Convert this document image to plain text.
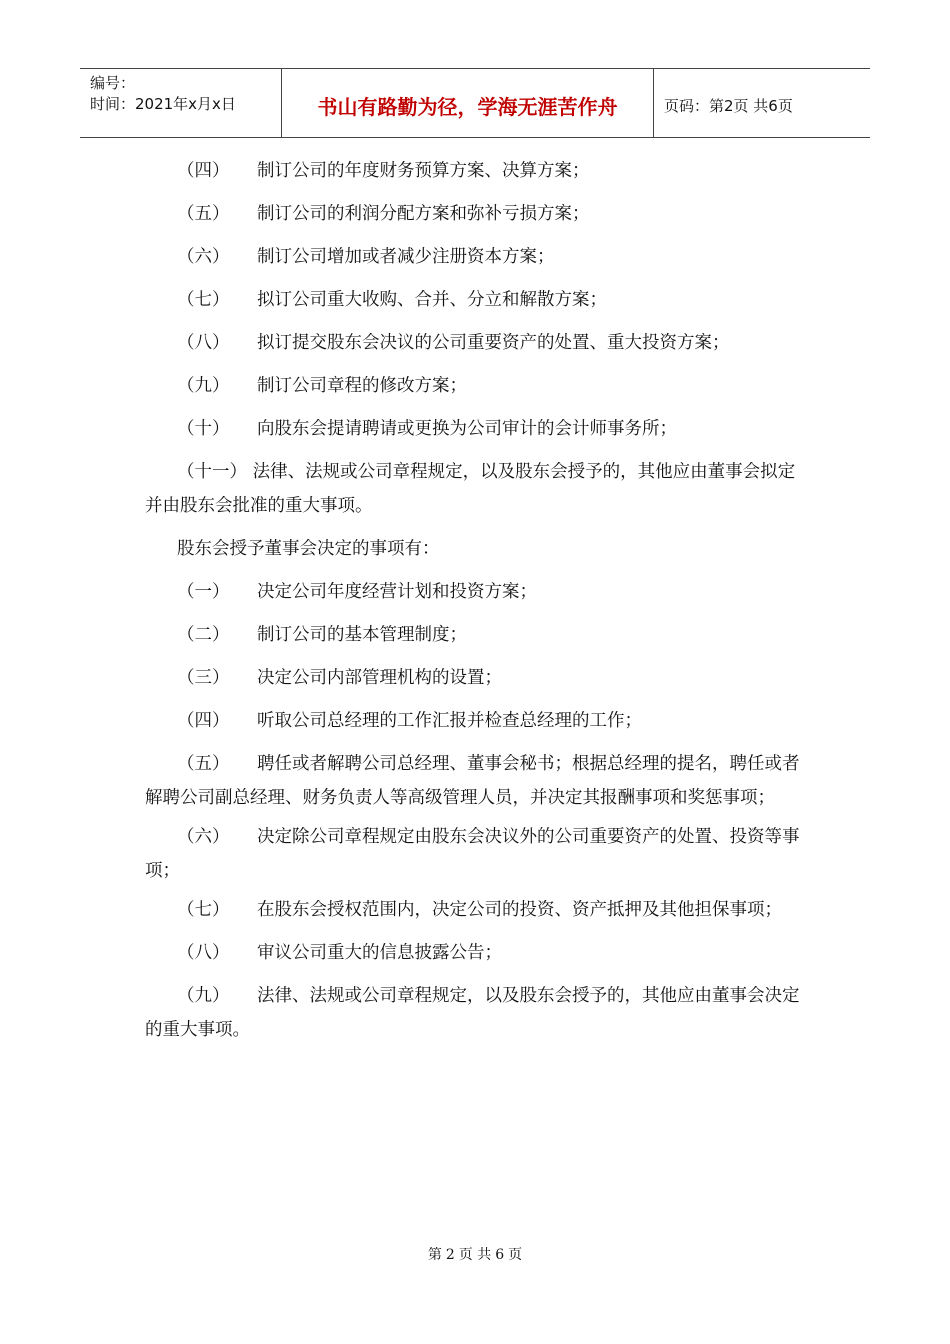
编号：
时间：2021年x月x日	书山有路勤为径，学海无涯苦作舟	页码：第2页 共6页

（四） 制订公司的年度财务预算方案、决算方案；

（五） 制订公司的利润分配方案和弥补亏损方案；

（六） 制订公司增加或者减少注册资本方案；

（七） 拟订公司重大收购、合并、分立和解散方案；

（八） 拟订提交股东会决议的公司重要资产的处置、重大投资方案；

（九） 制订公司章程的修改方案；

（十） 向股东会提请聘请或更换为公司审计的会计师事务所；

（十一） 法律、法规或公司章程规定，以及股东会授予的，其他应由董事会拟定并由股东会批准的重大事项。

股东会授予董事会决定的事项有：

（一） 决定公司年度经营计划和投资方案；

（二） 制订公司的基本管理制度；

（三） 决定公司内部管理机构的设置；

（四） 听取公司总经理的工作汇报并检查总经理的工作；

（五） 聘任或者解聘公司总经理、董事会秘书；根据总经理的提名，聘任或者解聘公司副总经理、财务负责人等高级管理人员，并决定其报酬事项和奖惩事项；

（六） 决定除公司章程规定由股东会决议外的公司重要资产的处置、投资等事项；

（七） 在股东会授权范围内，决定公司的投资、资产抵押及其他担保事项；

（八） 审议公司重大的信息披露公告；

（九） 法律、法规或公司章程规定，以及股东会授予的，其他应由董事会决定的重大事项。

第 2 页 共 6 页
